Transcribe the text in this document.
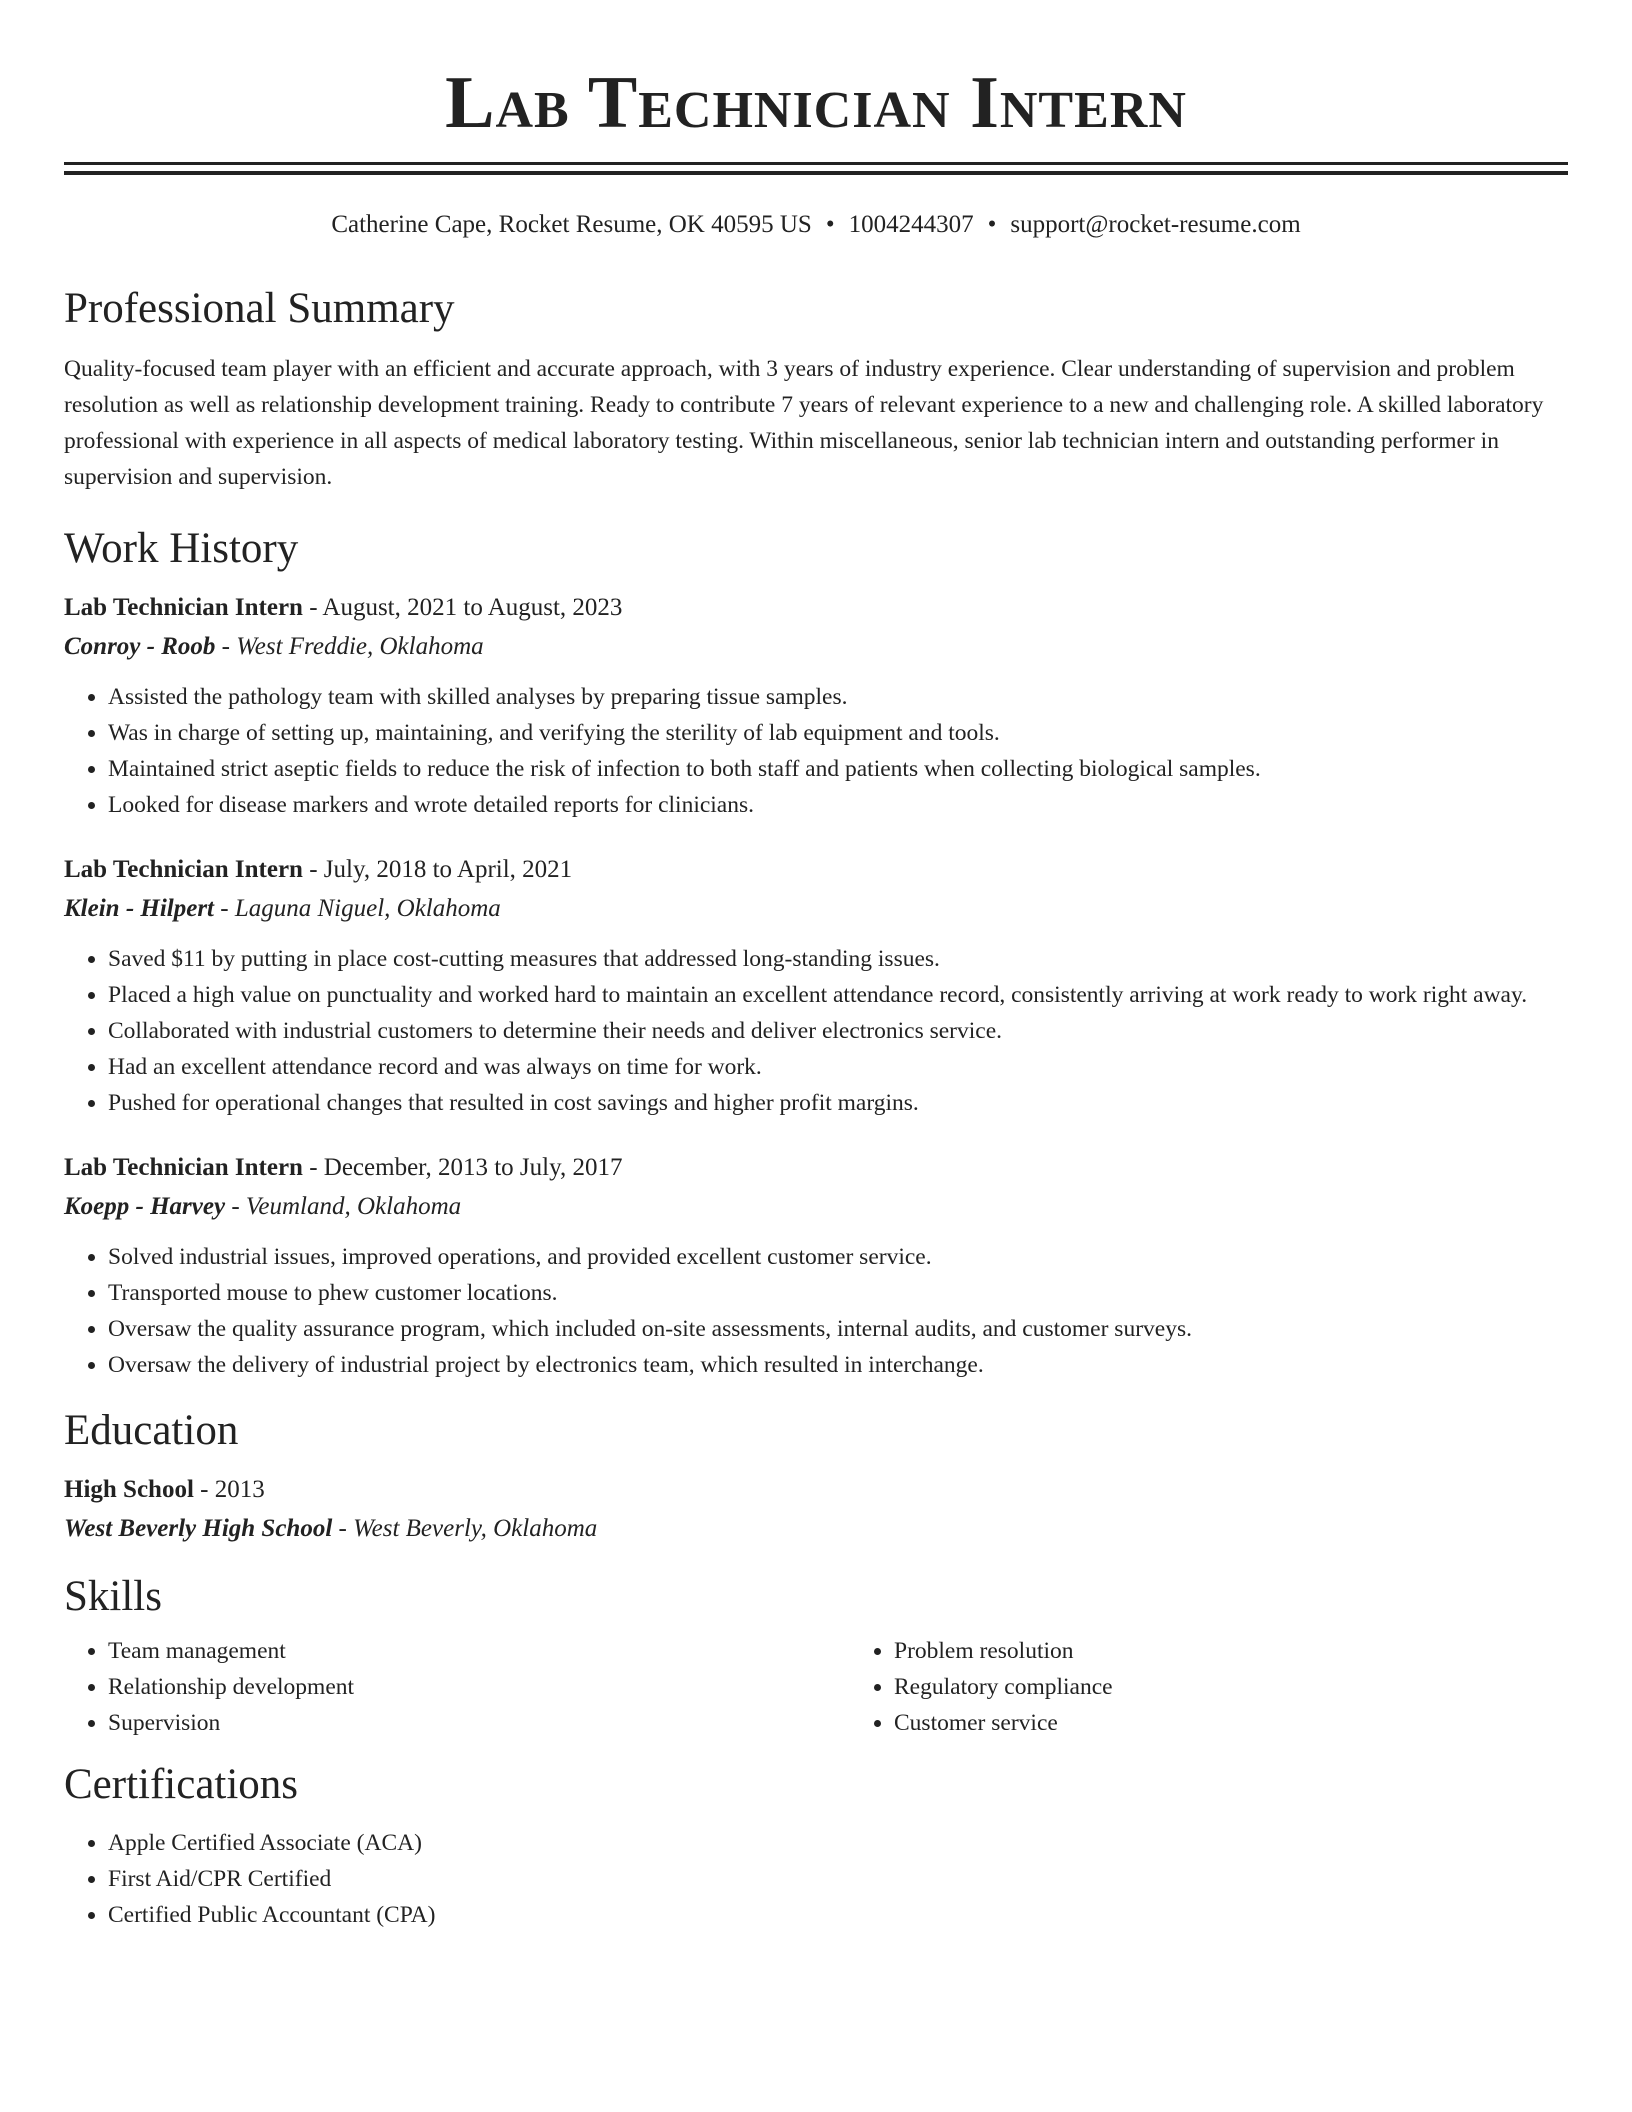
Lab Technician Intern
Catherine Cape, Rocket Resume, OK 40595 US • 1004244307 • support@rocket-resume.com
Professional Summary

Quality-focused team player with an efficient and accurate approach, with 3 years of industry experience. Clear understanding of supervision and problem resolution as well as relationship development training. Ready to contribute 7 years of relevant experience to a new and challenging role. A skilled laboratory professional with experience in all aspects of medical laboratory testing. Within miscellaneous, senior lab technician intern and outstanding performer in supervision and supervision.

Work History
Lab Technician Intern - August, 2021 to August, 2023
Conroy - Roob - West Freddie, Oklahoma
• Assisted the pathology team with skilled analyses by preparing tissue samples.
• Was in charge of setting up, maintaining, and verifying the sterility of lab equipment and tools.
• Maintained strict aseptic fields to reduce the risk of infection to both staff and patients when collecting biological samples.
• Looked for disease markers and wrote detailed reports for clinicians.
Lab Technician Intern - July, 2018 to April, 2021
Klein - Hilpert - Laguna Niguel, Oklahoma
• Saved $11 by putting in place cost-cutting measures that addressed long-standing issues.
• Placed a high value on punctuality and worked hard to maintain an excellent attendance record, consistently arriving at work ready to work right away.
• Collaborated with industrial customers to determine their needs and deliver electronics service.
• Had an excellent attendance record and was always on time for work.
• Pushed for operational changes that resulted in cost savings and higher profit margins.
Lab Technician Intern - December, 2013 to July, 2017
Koepp - Harvey - Veumland, Oklahoma
• Solved industrial issues, improved operations, and provided excellent customer service.
• Transported mouse to phew customer locations.
• Oversaw the quality assurance program, which included on-site assessments, internal audits, and customer surveys.
• Oversaw the delivery of industrial project by electronics team, which resulted in interchange.
Education
High School - 2013
West Beverly High School - West Beverly, Oklahoma
Skills
• Team management
• Relationship development
• Supervision
• Problem resolution
• Regulatory compliance
• Customer service
Certifications
• Apple Certified Associate (ACA)
• First Aid/CPR Certified
• Certified Public Accountant (CPA)
